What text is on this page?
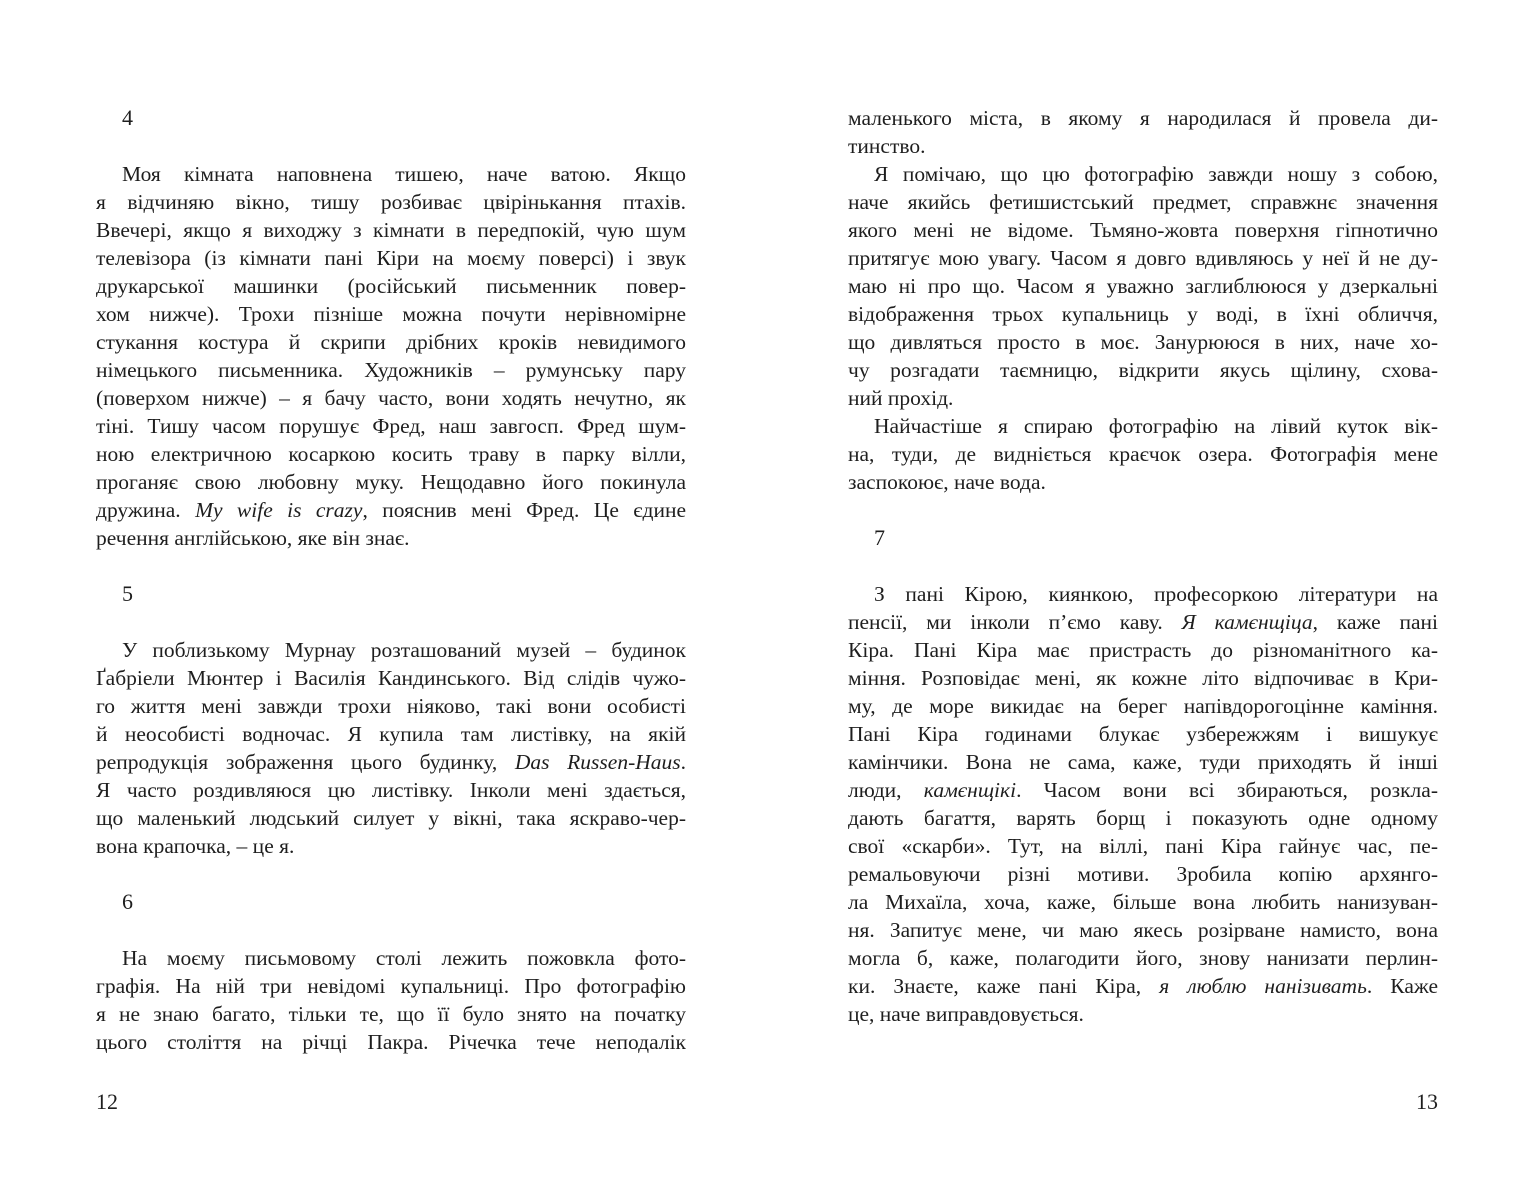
4
Моя кімната наповнена тишею, наче ватою. Якщо
я відчиняю вікно, тишу розбиває цвірінькання птахів.
Ввечері, якщо я виходжу з кімнати в передпокій, чую шум
телевізора (із кімнати пані Кіри на моєму поверсі) і звук
друкарської машинки (російський письменник повер-
хом нижче). Трохи пізніше можна почути нерівномірне
стукання костура й скрипи дрібних кроків невидимого
німецького письменника. Художників – румунську пару
(поверхом нижче) – я бачу часто, вони ходять нечутно, як
тіні. Тишу часом порушує Фред, наш завгосп. Фред шум-
ною електричною косаркою косить траву в парку вілли,
проганяє свою любовну муку. Нещодавно його покинула
дружина. My wife is crazy, пояснив мені Фред. Це єдине
речення англійською, яке він знає.
5
У поблизькому Мурнау розташований музей – будинок
Ґабріели Мюнтер і Василія Кандинського. Від слідів чужо-
го життя мені завжди трохи ніяково, такі вони особисті
й неособисті водночас. Я купила там листівку, на якій
репродукція зображення цього будинку, Das Russen-Haus.
Я часто роздивляюся цю листівку. Інколи мені здається,
що маленький людський силует у вікні, така яскраво-чер-
вона крапочка, – це я.
6
На моєму письмовому столі лежить пожовкла фото-
графія. На ній три невідомі купальниці. Про фотографію
я не знаю багато, тільки те, що її було знято на початку
цього століття на річці Пакра. Річечка тече неподалік
12
маленького міста, в якому я народилася й провела ди-
тинство.
Я помічаю, що цю фотографію завжди ношу з собою,
наче якийсь фетишистський предмет, справжнє значення
якого мені не відоме. Тьмяно-жовта поверхня гіпнотично
притягує мою увагу. Часом я довго вдивляюсь у неї й не ду-
маю ні про що. Часом я уважно заглиблююся у дзеркальні
відображення трьох купальниць у воді, в їхні обличчя,
що дивляться просто в моє. Занурююся в них, наче хо-
чу розгадати таємницю, відкрити якусь щілину, схова-
ний прохід.
Найчастіше я спираю фотографію на лівий куток вік-
на, туди, де видніється краєчок озера. Фотографія мене
заспокоює, наче вода.
7
З пані Кірою, киянкою, професоркою літератури на
пенсії, ми інколи п’ємо каву. Я камєнщіца, каже пані
Кіра. Пані Кіра має пристрасть до різноманітного ка-
міння. Розповідає мені, як кожне літо відпочиває в Кри-
му, де море викидає на берег напівдорогоцінне каміння.
Пані Кіра годинами блукає узбережжям і вишукує
камінчики. Вона не сама, каже, туди приходять й інші
люди, камєнщікі. Часом вони всі збираються, розкла-
дають багаття, варять борщ і показують одне одному
свої «скарби». Тут, на віллі, пані Кіра гайнує час, пе-
ремальовуючи різні мотиви. Зробила копію архянго-
ла Михаїла, хоча, каже, більше вона любить нанизуван-
ня. Запитує мене, чи маю якесь розірване намисто, вона
могла б, каже, полагодити його, знову нанизати перлин-
ки. Знаєте, каже пані Кіра, я люблю нанізивать. Каже
це, наче виправдовується.
13
